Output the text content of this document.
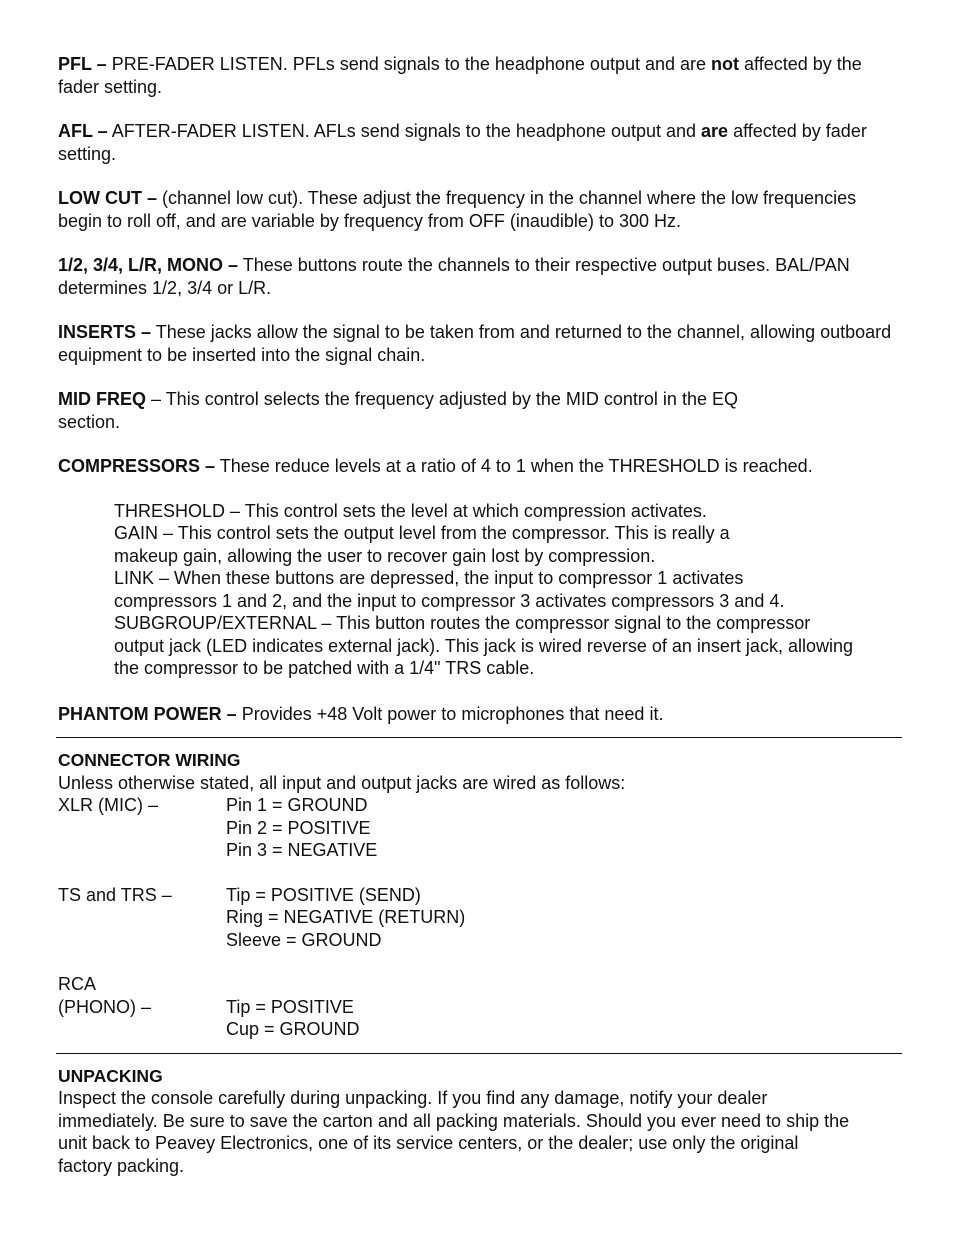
PFL – PRE-FADER LISTEN. PFLs send signals to the headphone output and are not affected by the fader setting.

AFL – AFTER-FADER LISTEN. AFLs send signals to the headphone output and are affected by fader setting.

LOW CUT – (channel low cut). These adjust the frequency in the channel where the low frequencies begin to roll off, and are variable by frequency from OFF (inaudible) to 300 Hz.

1/2, 3/4, L/R, MONO – These buttons route the channels to their respective output buses. BAL/PAN determines 1/2, 3/4 or L/R.

INSERTS – These jacks allow the signal to be taken from and returned to the channel, allowing outboard equipment to be inserted into the signal chain.

MID FREQ – This control selects the frequency adjusted by the MID control in the EQ
section.

COMPRESSORS – These reduce levels at a ratio of 4 to 1 when the THRESHOLD is reached.

THRESHOLD – This control sets the level at which compression activates.

GAIN – This control sets the output level from the compressor. This is really a

makeup gain, allowing the user to recover gain lost by compression.

LINK – When these buttons are depressed, the input to compressor 1 activates

compressors 1 and 2, and the input to compressor 3 activates compressors 3 and 4.

SUBGROUP/EXTERNAL – This button routes the compressor signal to the compressor

output jack (LED indicates external jack). This jack is wired reverse of an insert jack, allowing

the compressor to be patched with a 1/4" TRS cable.

PHANTOM POWER – Provides +48 Volt power to microphones that need it.

CONNECTOR WIRING

Unless otherwise stated, all input and output jacks are wired as follows:

XLR (MIC) –	Pin 1 = GROUND

Pin 2 = POSITIVE

Pin 3 = NEGATIVE

TS and TRS –	Tip = POSITIVE (SEND)

Ring = NEGATIVE (RETURN)

Sleeve = GROUND

RCA

(PHONO) –	Tip = POSITIVE

Cup = GROUND

UNPACKING

Inspect the console carefully during unpacking. If you find any damage, notify your dealer

immediately. Be sure to save the carton and all packing materials. Should you ever need to ship the

unit back to Peavey Electronics, one of its service centers, or the dealer; use only the original

factory packing.
